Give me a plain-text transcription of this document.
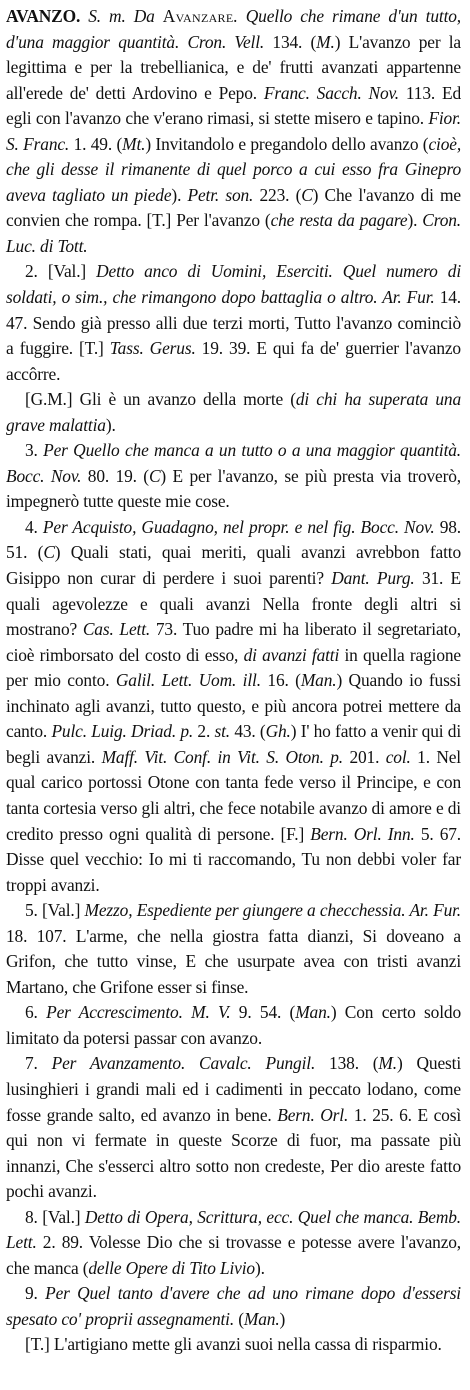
AVANZO. S. m. Da Avanzare. Quello che rimane d'un tutto, d'una maggior quantità. Cron. Vell. 134. (M.) L'avanzo per la legittima e per la trebellianica, e de' frutti avanzati appartenne all'erede de' detti Ardovino e Pepo. Franc. Sacch. Nov. 113. Ed egli con l'avanzo che v'erano rimasi, si stette misero e tapino. Fior. S. Franc. 1. 49. (Mt.) Invitandolo e pregandolo dello avanzo (cioè, che gli desse il rimanente di quel porco a cui esso fra Ginepro aveva tagliato un piede). Petr. son. 223. (C) Che l'avanzo di me convien che rompa. [T.] Per l'avanzo (che resta da pagare). Cron. Luc. di Tott.

2. [Val.] Detto anco di Uomini, Eserciti. Quel numero di soldati, o sim., che rimangono dopo battaglia o altro. Ar. Fur. 14. 47. Sendo già presso alli due terzi morti, Tutto l'avanzo cominciò a fuggire. [T.] Tass. Gerus. 19. 39. E qui fa de' guerrier l'avanzo accôrre.

[G.M.] Gli è un avanzo della morte (di chi ha superata una grave malattia).

3. Per Quello che manca a un tutto o a una maggior quantità. Bocc. Nov. 80. 19. (C) E per l'avanzo, se più presta via troverò, impegnerò tutte queste mie cose.

4. Per Acquisto, Guadagno, nel propr. e nel fig. Bocc. Nov. 98. 51. (C) Quali stati, quai meriti, quali avanzi avrebbon fatto Gisippo non curar di perdere i suoi parenti? Dant. Purg. 31. E quali agevolezze e quali avanzi Nella fronte degli altri si mostrano? Cas. Lett. 73. Tuo padre mi ha liberato il segretariato, cioè rimborsato del costo di esso, di avanzi fatti in quella ragione per mio conto. Galil. Lett. Uom. ill. 16. (Man.) Quando io fussi inchinato agli avanzi, tutto questo, e più ancora potrei mettere da canto. Pulc. Luig. Driad. p. 2. st. 43. (Gh.) I' ho fatto a venir qui di begli avanzi. Maff. Vit. Conf. in Vit. S. Oton. p. 201. col. 1. Nel qual carico portossi Otone con tanta fede verso il Principe, e con tanta cortesia verso gli altri, che fece notabile avanzo di amore e di credito presso ogni qualità di persone. [F.] Bern. Orl. Inn. 5. 67. Disse quel vecchio: Io mi ti raccomando, Tu non debbi voler far troppi avanzi.

5. [Val.] Mezzo, Espediente per giungere a checchessia. Ar. Fur. 18. 107. L'arme, che nella giostra fatta dianzi, Si doveano a Grifon, che tutto vinse, E che usurpate avea con tristi avanzi Martano, che Grifone esser si finse.

6. Per Accrescimento. M. V. 9. 54. (Man.) Con certo soldo limitato da potersi passar con avanzo.

7. Per Avanzamento. Cavalc. Pungil. 138. (M.) Questi lusinghieri i grandi mali ed i cadimenti in peccato lodano, come fosse grande salto, ed avanzo in bene. Bern. Orl. 1. 25. 6. E così qui non vi fermate in queste Scorze di fuor, ma passate più innanzi, Che s'esserci altro sotto non credeste, Per dio areste fatto pochi avanzi.

8. [Val.] Detto di Opera, Scrittura, ecc. Quel che manca. Bemb. Lett. 2. 89. Volesse Dio che si trovasse e potesse avere l'avanzo, che manca (delle Opere di Tito Livio).

9. Per Quel tanto d'avere che ad uno rimane dopo d'essersi spesato co' proprii assegnamenti. (Man.)

[T.] L'artigiano mette gli avanzi suoi nella cassa di risparmio.
